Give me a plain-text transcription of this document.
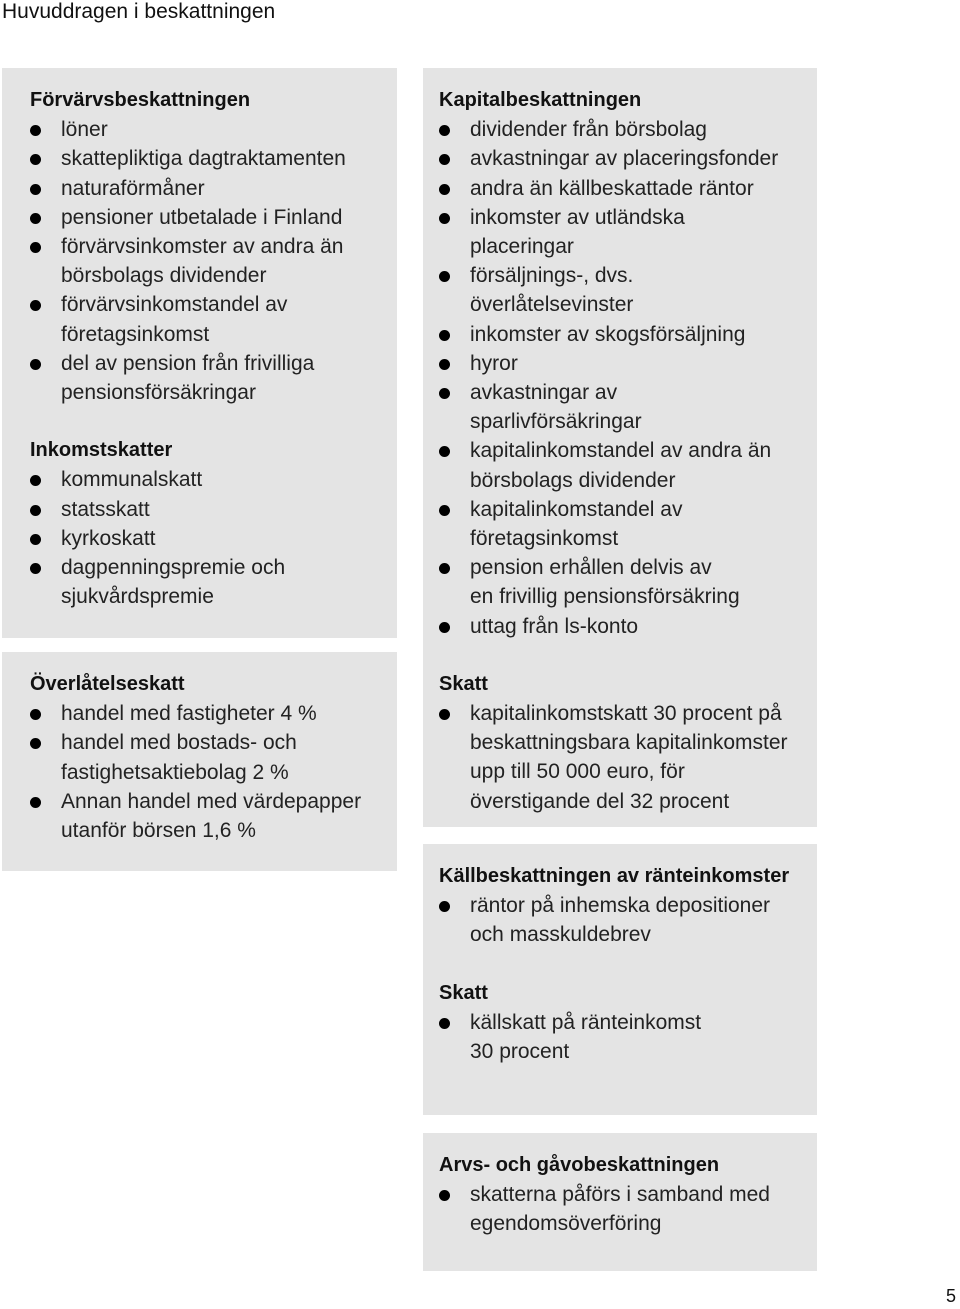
Huvuddragen i beskattningen
Förvärvsbeskattningen
löner
skattepliktiga dagtraktamenten
naturaförmåner
pensioner utbetalade i Finland
förvärvsinkomster av andra än
börsbolags dividender
förvärvsinkomstandel av
företagsinkomst
del av pension från frivilliga
pensionsförsäkringar
Inkomstskatter
kommunalskatt
statsskatt
kyrkoskatt
dagpenningspremie och
sjukvårdspremie
Överlåtelseskatt
handel med fastigheter 4 %
handel med bostads- och
fastighetsaktiebolag 2 %
Annan handel med värdepapper
utanför börsen 1,6 %
Kapitalbeskattningen
dividender från börsbolag
avkastningar av placeringsfonder
andra än källbeskattade räntor
inkomster av utländska
placeringar
försäljnings-, dvs.
överlåtelsevinster
inkomster av skogsförsäljning
hyror
avkastningar av
sparlivförsäkringar
kapitalinkomstandel av andra än
börsbolags dividender
kapitalinkomstandel av
företagsinkomst
pension erhållen delvis av
en frivillig pensionsförsäkring
uttag från ls-konto
Skatt
kapitalinkomstskatt 30 procent på
beskattningsbara kapitalinkomster
upp till 50 000 euro, för
överstigande del 32 procent
Källbeskattningen av ränteinkomster
räntor på inhemska depositioner
och masskuldebrev
Skatt
källskatt på ränteinkomst
30 procent
Arvs- och gåvobeskattningen
skatterna påförs i samband med
egendomsöverföring
5
